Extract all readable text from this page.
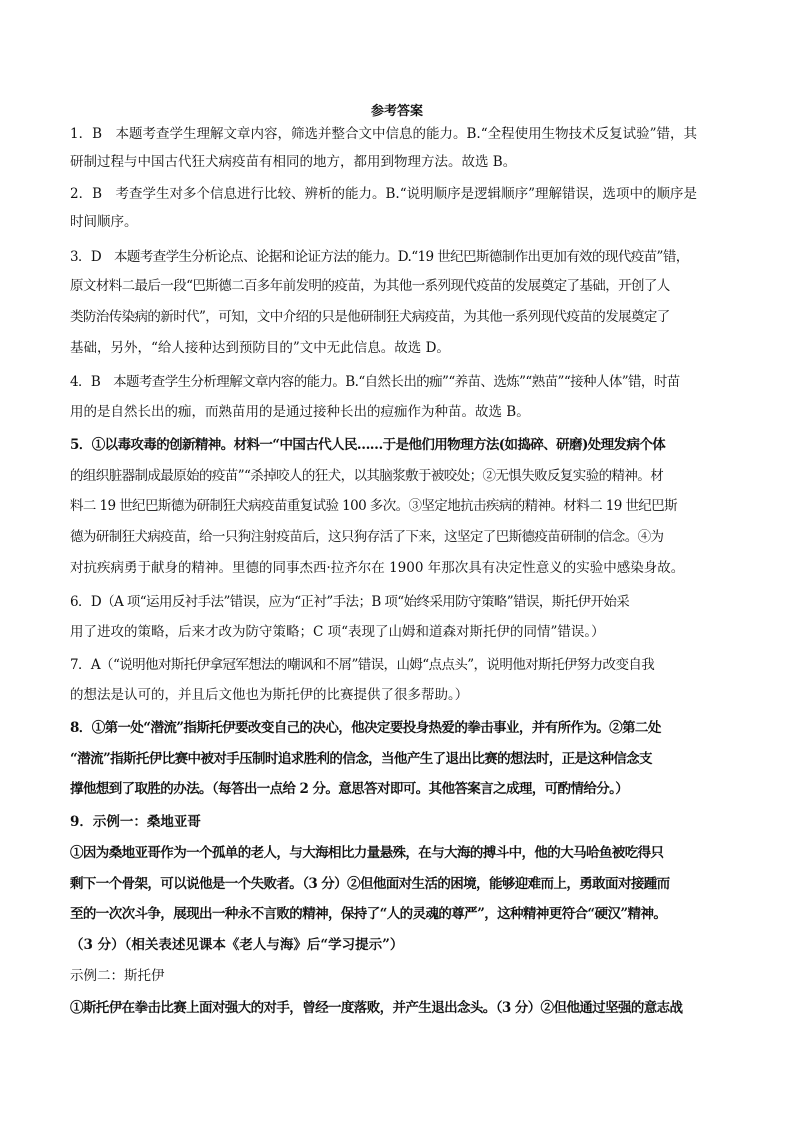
参考答案
1．B　本题考查学生理解文章内容，筛选并整合文中信息的能力。B.“全程使用生物技术反复试验”错，其
研制过程与中国古代狂犬病疫苗有相同的地方，都用到物理方法。故选 B。
2．B　考查学生对多个信息进行比较、辨析的能力。B.“说明顺序是逻辑顺序”理解错误，选项中的顺序是
时间顺序。
3．D　本题考查学生分析论点、论据和论证方法的能力。D.“19 世纪巴斯德制作出更加有效的现代疫苗”错，
原文材料二最后一段“巴斯德二百多年前发明的疫苗，为其他一系列现代疫苗的发展奠定了基础，开创了人
类防治传染病的新时代”，可知，文中介绍的只是他研制狂犬病疫苗，为其他一系列现代疫苗的发展奠定了
基础，另外，“给人接种达到预防目的”文中无此信息。故选 D。
4．B　本题考查学生分析理解文章内容的能力。B.“自然长出的痂”“养苗、选炼”“熟苗”“接种人体”错，时苗
用的是自然长出的痂，而熟苗用的是通过接种长出的痘痂作为种苗。故选 B。
5．①以毒攻毒的创新精神。材料一“中国古代人民……于是他们用物理方法(如捣碎、研磨)处理发病个体
的组织脏器制成最原始的疫苗”“杀掉咬人的狂犬，以其脑浆敷于被咬处；②无惧失败反复实验的精神。材
料二 19 世纪巴斯德为研制狂犬病疫苗重复试验 100 多次。③坚定地抗击疾病的精神。材料二 19 世纪巴斯
德为研制狂犬病疫苗，给一只狗注射疫苗后，这只狗存活了下来，这坚定了巴斯德疫苗研制的信念。④为
对抗疾病勇于献身的精神。里德的同事杰西·拉齐尔在 1900 年那次具有决定性意义的实验中感染身故。
6．D（A 项“运用反衬手法”错误，应为“正衬”手法；B 项“始终采用防守策略”错误，斯托伊开始采
用了进攻的策略，后来才改为防守策略；C 项“表现了山姆和道森对斯托伊的同情”错误。）
7．A（“说明他对斯托伊拿冠军想法的嘲讽和不屑”错误，山姆“点点头”，说明他对斯托伊努力改变自我
的想法是认可的，并且后文他也为斯托伊的比赛提供了很多帮助。）
8．①第一处“潜流”指斯托伊要改变自己的决心，他决定要投身热爱的拳击事业，并有所作为。②第二处
“潜流”指斯托伊比赛中被对手压制时追求胜利的信念，当他产生了退出比赛的想法时，正是这种信念支
撑他想到了取胜的办法。（每答出一点给 2 分。意思答对即可。其他答案言之成理，可酌情给分。）
9．示例一：桑地亚哥
①因为桑地亚哥作为一个孤单的老人，与大海相比力量悬殊，在与大海的搏斗中，他的大马哈鱼被吃得只
剩下一个骨架，可以说他是一个失败者。（3 分）②但他面对生活的困境，能够迎难而上，勇敢面对接踵而
至的一次次斗争，展现出一种永不言败的精神，保持了“人的灵魂的尊严”，这种精神更符合“硬汉”精神。
（3 分）（相关表述见课本《老人与海》后“学习提示”）
示例二：斯托伊
①斯托伊在拳击比赛上面对强大的对手，曾经一度落败，并产生退出念头。（3 分）②但他通过坚强的意志战
